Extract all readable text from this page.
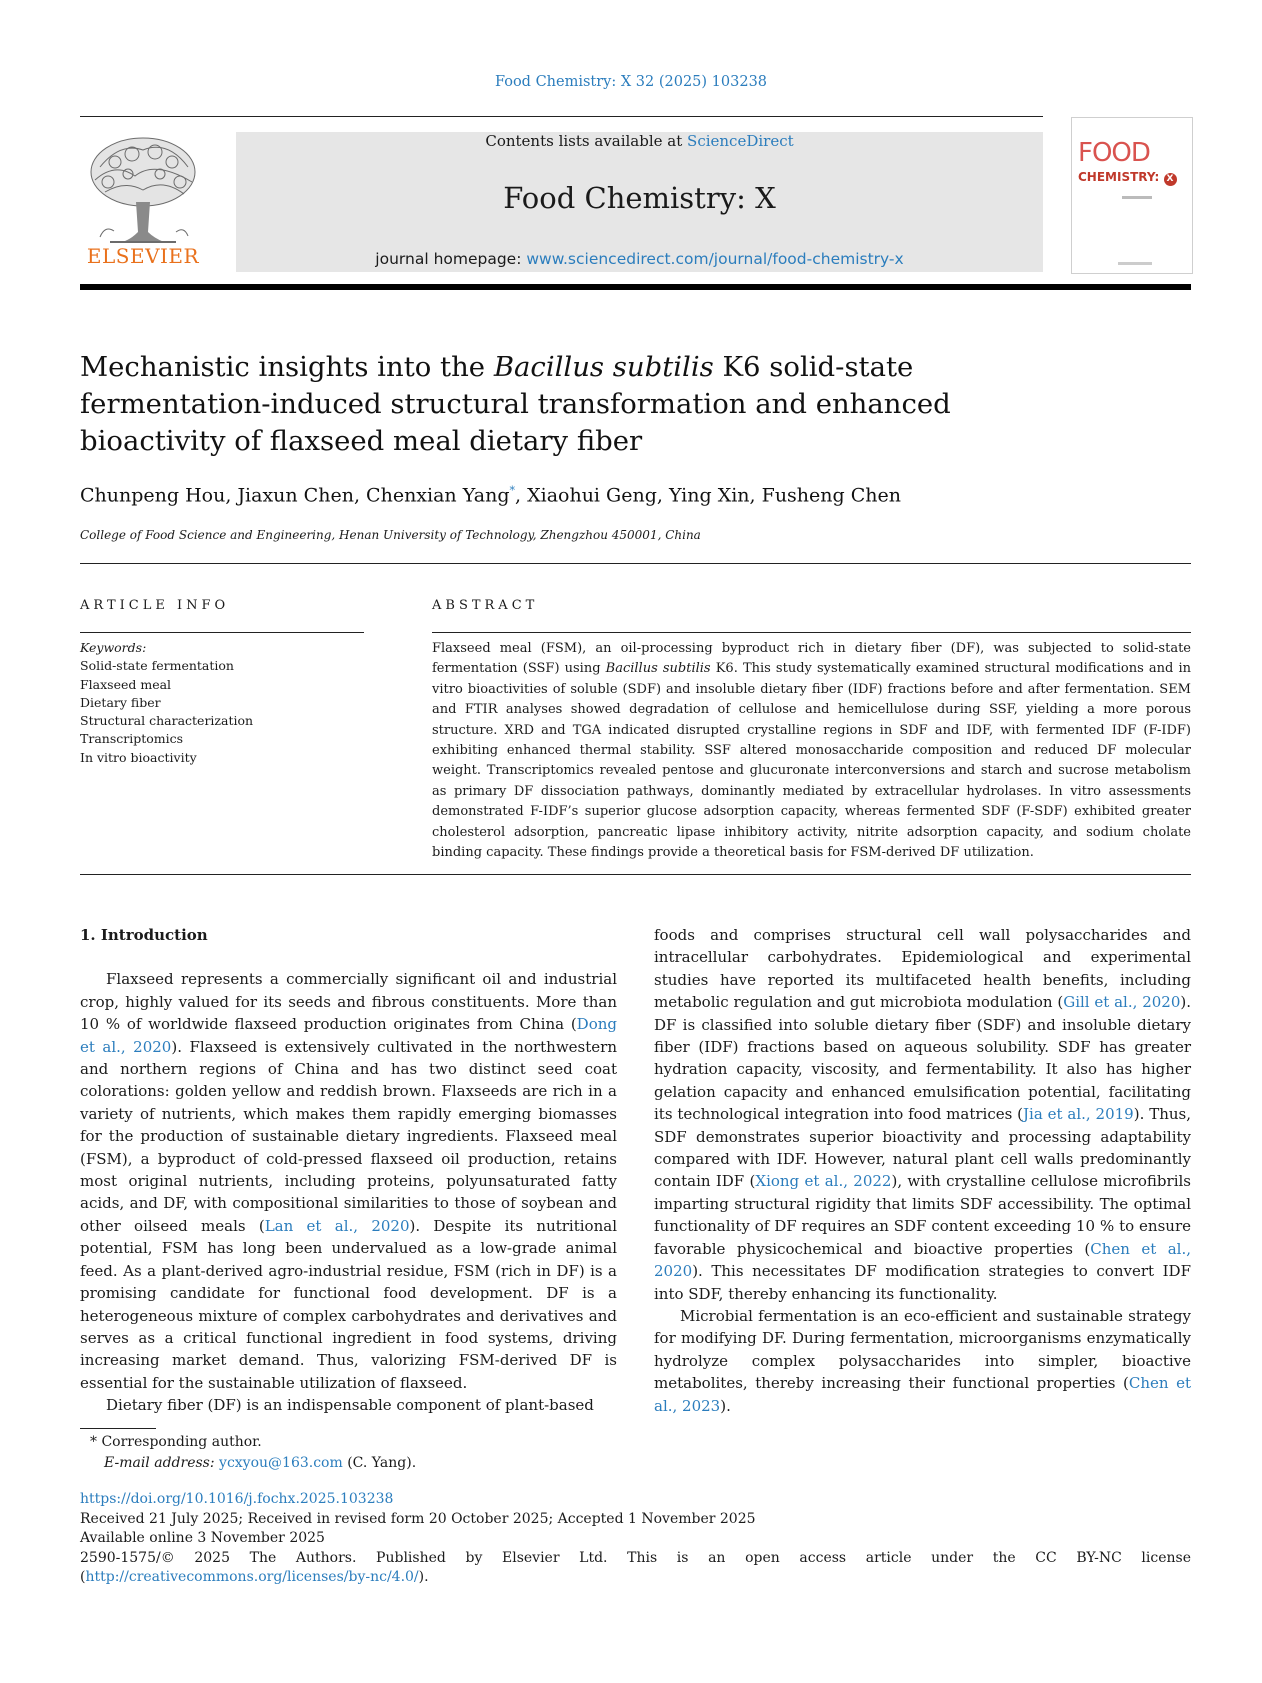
Food Chemistry: X 32 (2025) 103238
ELSEVIER
Contents lists available at ScienceDirect
Food Chemistry: X
journal homepage: www.sciencedirect.com/journal/food-chemistry-x
FOOD
CHEMISTRY: X
Mechanistic insights into the Bacillus subtilis K6 solid-state fermentation-induced structural transformation and enhanced bioactivity of flaxseed meal dietary fiber
Chunpeng Hou, Jiaxun Chen, Chenxian Yang*, Xiaohui Geng, Ying Xin, Fusheng Chen
College of Food Science and Engineering, Henan University of Technology, Zhengzhou 450001, China
ARTICLE INFO	ABSTRACT
Keywords:
Solid-state fermentation
Flaxseed meal
Dietary fiber
Structural characterization
Transcriptomics
In vitro bioactivity
Flaxseed meal (FSM), an oil-processing byproduct rich in dietary fiber (DF), was subjected to solid-state fermentation (SSF) using Bacillus subtilis K6. This study systematically examined structural modifications and in vitro bioactivities of soluble (SDF) and insoluble dietary fiber (IDF) fractions before and after fermentation. SEM and FTIR analyses showed degradation of cellulose and hemicellulose during SSF, yielding a more porous structure. XRD and TGA indicated disrupted crystalline regions in SDF and IDF, with fermented IDF (F-IDF) exhibiting enhanced thermal stability. SSF altered monosaccharide composition and reduced DF molecular weight. Transcriptomics revealed pentose and glucuronate interconversions and starch and sucrose metabolism as primary DF dissociation pathways, dominantly mediated by extracellular hydrolases. In vitro assessments demonstrated F-IDF’s superior glucose adsorption capacity, whereas fermented SDF (F-SDF) exhibited greater cholesterol adsorption, pancreatic lipase inhibitory activity, nitrite adsorption capacity, and sodium cholate binding capacity. These findings provide a theoretical basis for FSM-derived DF utilization.

1. Introduction

Flaxseed represents a commercially significant oil and industrial crop, highly valued for its seeds and fibrous constituents. More than 10 % of worldwide flaxseed production originates from China (Dong et al., 2020). Flaxseed is extensively cultivated in the northwestern and northern regions of China and has two distinct seed coat colorations: golden yellow and reddish brown. Flaxseeds are rich in a variety of nutrients, which makes them rapidly emerging biomasses for the production of sustainable dietary ingredients. Flaxseed meal (FSM), a byproduct of cold-pressed flaxseed oil production, retains most original nutrients, including proteins, polyunsaturated fatty acids, and DF, with compositional similarities to those of soybean and other oilseed meals (Lan et al., 2020). Despite its nutritional potential, FSM has long been undervalued as a low-grade animal feed. As a plant-derived agro-industrial residue, FSM (rich in DF) is a promising candidate for functional food development. DF is a heterogeneous mixture of complex carbohydrates and derivatives and serves as a critical functional ingredient in food systems, driving increasing market demand. Thus, valorizing FSM-derived DF is essential for the sustainable utilization of flaxseed.

Dietary fiber (DF) is an indispensable component of plant-based

foods and comprises structural cell wall polysaccharides and intracellular carbohydrates. Epidemiological and experimental studies have reported its multifaceted health benefits, including metabolic regulation and gut microbiota modulation (Gill et al., 2020). DF is classified into soluble dietary fiber (SDF) and insoluble dietary fiber (IDF) fractions based on aqueous solubility. SDF has greater hydration capacity, viscosity, and fermentability. It also has higher gelation capacity and enhanced emulsification potential, facilitating its technological integration into food matrices (Jia et al., 2019). Thus, SDF demonstrates superior bioactivity and processing adaptability compared with IDF. However, natural plant cell walls predominantly contain IDF (Xiong et al., 2022), with crystalline cellulose microfibrils imparting structural rigidity that limits SDF accessibility. The optimal functionality of DF requires an SDF content exceeding 10 % to ensure favorable physicochemical and bioactive properties (Chen et al., 2020). This necessitates DF modification strategies to convert IDF into SDF, thereby enhancing its functionality.

Microbial fermentation is an eco-efficient and sustainable strategy for modifying DF. During fermentation, microorganisms enzymatically hydrolyze complex polysaccharides into simpler, bioactive metabolites, thereby increasing their functional properties (Chen et al., 2023).

* Corresponding author.
E-mail address: ycxyou@163.com (C. Yang).
https://doi.org/10.1016/j.fochx.2025.103238
Received 21 July 2025; Received in revised form 20 October 2025; Accepted 1 November 2025
Available online 3 November 2025
2590-1575/© 2025 The Authors. Published by Elsevier Ltd. This is an open access article under the CC BY-NC license (http://creativecommons.org/licenses/by-nc/4.0/).
